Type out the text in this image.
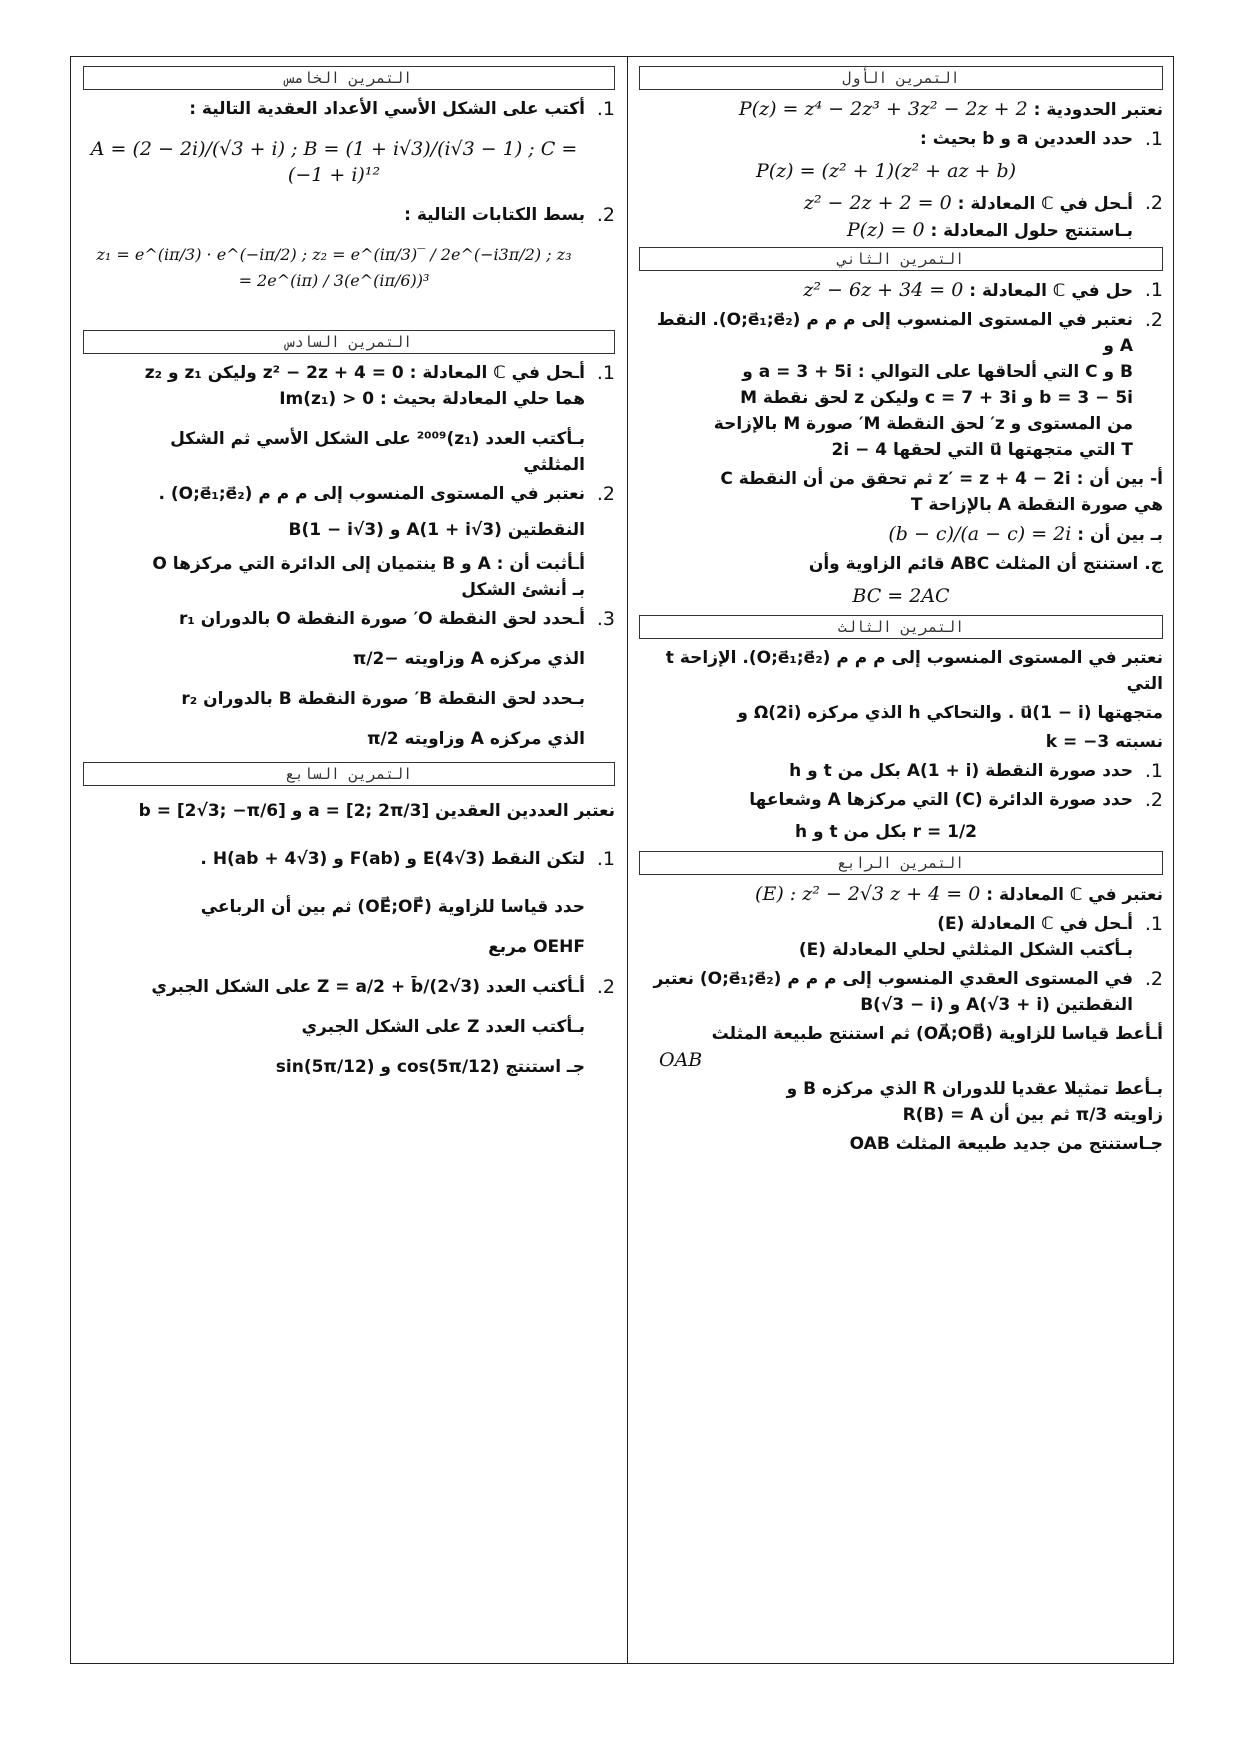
التمرين الأول
نعتبر الحدودية : P(z) = z⁴ − 2z³ + 3z² − 2z + 2
1.
حدد العددين a و b بحيث :
P(z) = (z² + 1)(z² + az + b)
2.
أـحل في ℂ المعادلة : z² − 2z + 2 = 0
بـاستنتج حلول المعادلة : P(z) = 0
التمرين الثاني
1.
حل في ℂ المعادلة : z² − 6z + 34 = 0
2.
نعتبر في المستوى المنسوب إلى م م م (O;e⃗₁;e⃗₂). النقط A و
B و C التي ألحاقها على التوالي : a = 3 + 5i و
b = 3 − 5i و c = 7 + 3i وليكن z لحق نقطة M
من المستوى و z′ لحق النقطة M′ صورة M بالإزاحة
T التي متجهتها u⃗ التي لحقها 4 − 2i
أ- بين أن : z′ = z + 4 − 2i ثم تحقق من أن النقطة C
هي صورة النقطة A بالإزاحة T
بـ بين أن : (b − c)/(a − c) = 2i
ج. استنتج أن المثلث ABC قائم الزاوية وأن
BC = 2AC
التمرين الثالث
نعتبر في المستوى المنسوب إلى م م م (O;e⃗₁;e⃗₂). الإزاحة t التي
متجهتها u⃗(1 − i) . والتحاكي h الذي مركزه Ω(2i) و
نسبته k = −3
1.
حدد صورة النقطة A(1 + i) بكل من t و h
2.
حدد صورة الدائرة (C) التي مركزها A وشعاعها
r = 1/2 بكل من t و h
التمرين الرابع
نعتبر في ℂ المعادلة : (E) : z² − 2√3 z + 4 = 0
1.
أـحل في ℂ المعادلة (E)
بـأكتب الشكل المثلثي لحلي المعادلة (E)
2.
في المستوى العقدي المنسوب إلى م م م (O;e⃗₁;e⃗₂) نعتبر
النقطتين A(√3 + i) و B(√3 − i)
أـأعط قياسا للزاوية (OA⃗;OB⃗) ثم استنتج طبيعة المثلث
OAB
بـأعط تمثيلا عقديا للدوران R الذي مركزه B و
زاويته π/3 ثم بين أن R(B) = A
جـاستنتج من جديد طبيعة المثلث OAB
التمرين الخامس
1.
أكتب على الشكل الأسي الأعداد العقدية التالية :
A = (2 − 2i)/(√3 + i) ; B = (1 + i√3)/(i√3 − 1) ; C = (−1 + i)¹²
2.
بسط الكتابات التالية :
z₁ = e^(iπ/3) · e^(−iπ/2) ; z₂ = e^(iπ/3)‾ / 2e^(−i3π/2) ; z₃ = 2e^(iπ) / 3(e^(iπ/6))³
التمرين السادس
1.
أـحل في ℂ المعادلة : z² − 2z + 4 = 0 وليكن z₁ و z₂
هما حلي المعادلة بحيث : Im(z₁) > 0
بـأكتب العدد (z₁)²⁰⁰⁹ على الشكل الأسي ثم الشكل
المثلثي
2.
نعتبر في المستوى المنسوب إلى م م م (O;e⃗₁;e⃗₂) .
النقطتين A(1 + i√3) و B(1 − i√3)
أـأثبت أن : A و B ينتميان إلى الدائرة التي مركزها O
بـ أنشئ الشكل
3.
أـحدد لحق النقطة O′ صورة النقطة O بالدوران r₁
الذي مركزه A وزاويته −π/2
بـحدد لحق النقطة B′ صورة النقطة B بالدوران r₂
الذي مركزه A وزاويته π/2
التمرين السابع
نعتبر العددين العقدين a = [2; 2π/3] و b = [2√3; −π/6]
1.
لتكن النقط E(4√3) و F(ab) و H(ab + 4√3) .
حدد قياسا للزاوية (OE⃗;OF⃗) ثم بين أن الرباعي
OEHF مربع
2.
أـأكتب العدد Z = a/2 + b̄/(2√3) على الشكل الجبري
بـأكتب العدد Z على الشكل الجبري
جـ استنتج cos(5π/12) و sin(5π/12)
